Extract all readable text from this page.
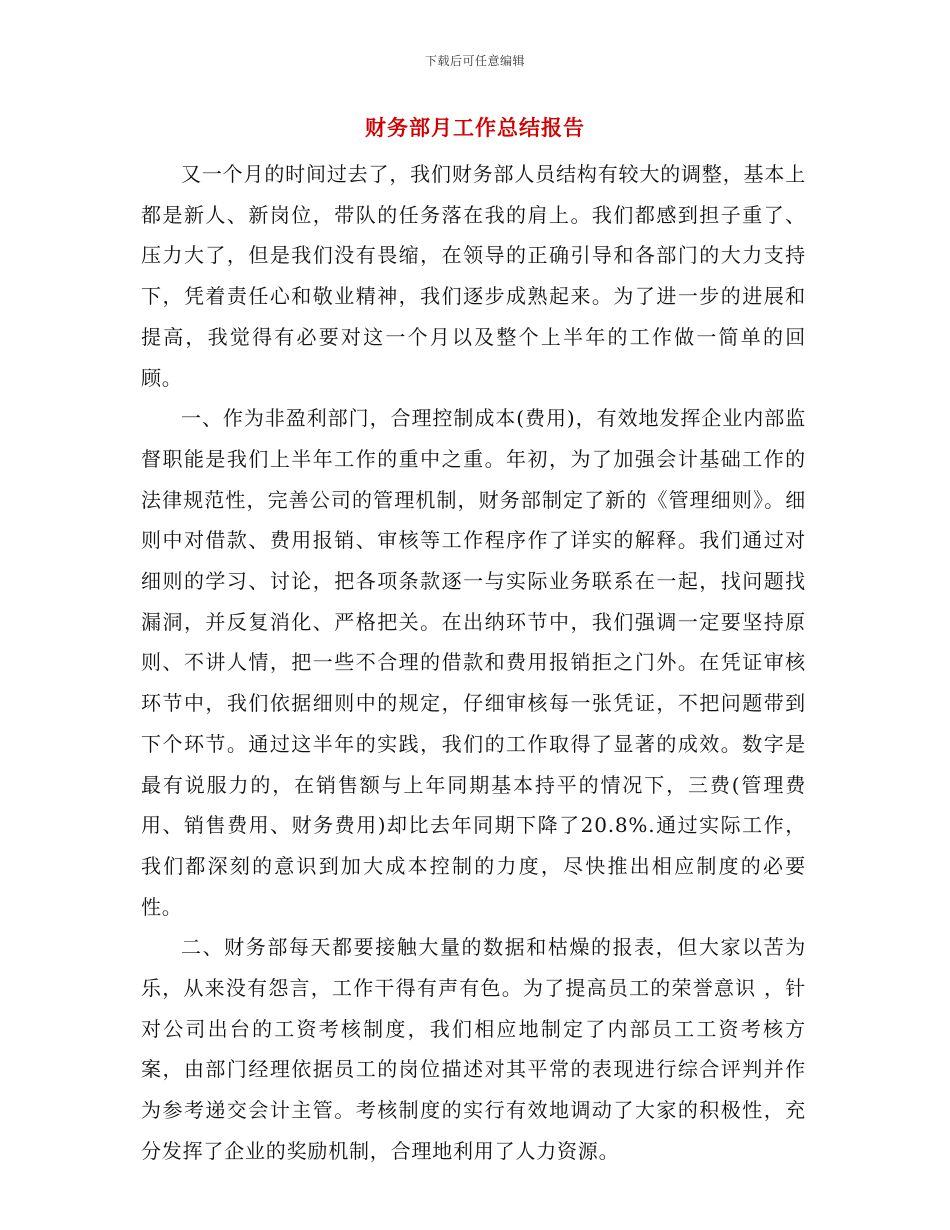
下载后可任意编辑
财务部月工作总结报告

又一个月的时间过去了，我们财务部人员结构有较大的调整，基本上都是新人、新岗位，带队的任务落在我的肩上。我们都感到担子重了、压力大了，但是我们没有畏缩，在领导的正确引导和各部门的大力支持下，凭着责任心和敬业精神，我们逐步成熟起来。为了进一步的进展和提高，我觉得有必要对这一个月以及整个上半年的工作做一简单的回顾。

一、作为非盈利部门，合理控制成本(费用)，有效地发挥企业内部监督职能是我们上半年工作的重中之重。年初，为了加强会计基础工作的法律规范性，完善公司的管理机制，财务部制定了新的《管理细则》。细则中对借款、费用报销、审核等工作程序作了详实的解释。我们通过对细则的学习、讨论，把各项条款逐一与实际业务联系在一起，找问题找漏洞，并反复消化、严格把关。在出纳环节中，我们强调一定要坚持原则、不讲人情，把一些不合理的借款和费用报销拒之门外。在凭证审核环节中，我们依据细则中的规定，仔细审核每一张凭证，不把问题带到下个环节。通过这半年的实践，我们的工作取得了显著的成效。数字是最有说服力的，在销售额与上年同期基本持平的情况下，三费(管理费用、销售费用、财务费用)却比去年同期下降了20.8%.通过实际工作，我们都深刻的意识到加大成本控制的力度，尽快推出相应制度的必要性。

二、财务部每天都要接触大量的数据和枯燥的报表，但大家以苦为乐，从来没有怨言，工作干得有声有色。为了提高员工的荣誉意识 ，针对公司出台的工资考核制度，我们相应地制定了内部员工工资考核方案，由部门经理依据员工的岗位描述对其平常的表现进行综合评判并作为参考递交会计主管。考核制度的实行有效地调动了大家的积极性，充分发挥了企业的奖励机制，合理地利用了人力资源。
